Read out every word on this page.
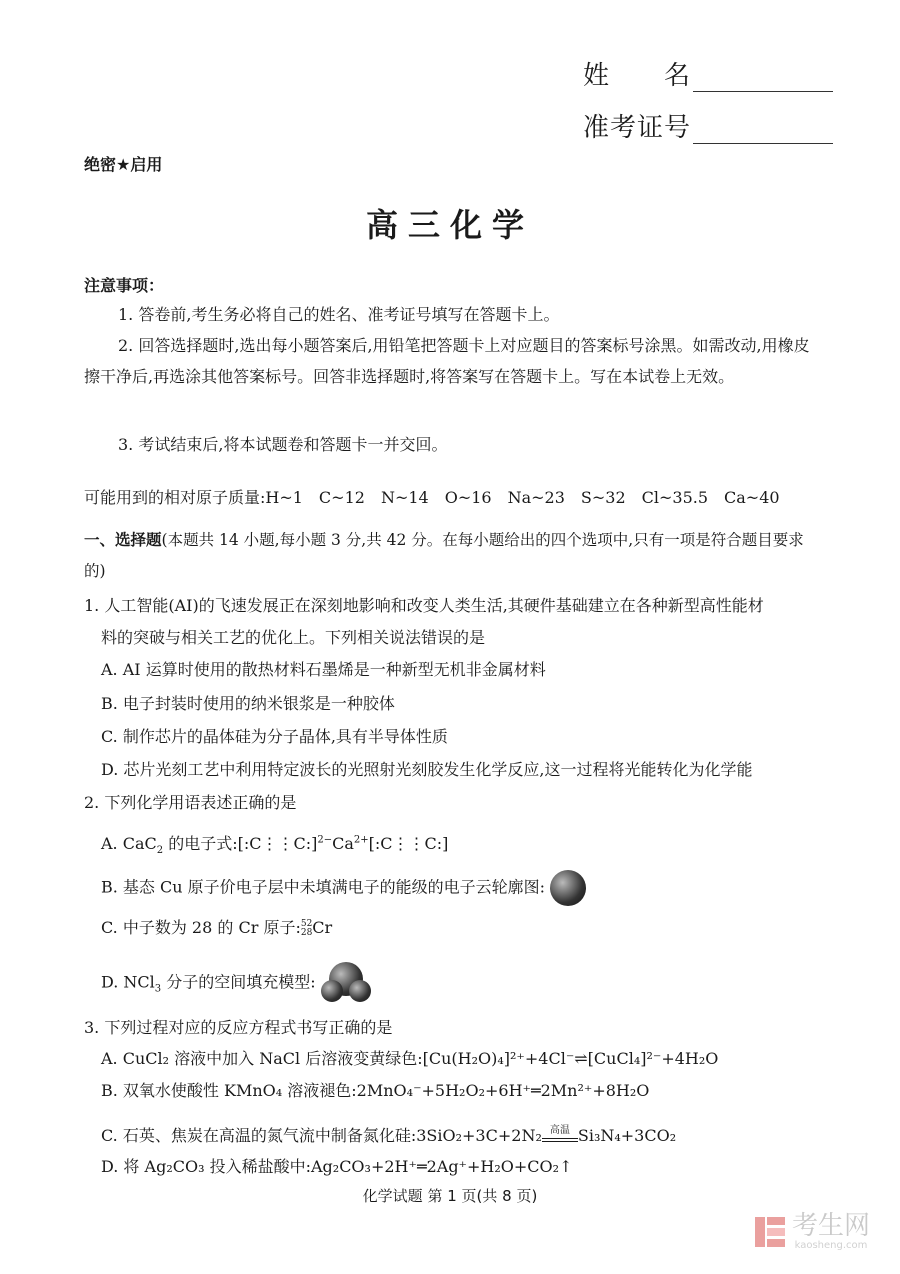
姓　　名
准考证号
绝密★启用
高三化学
注意事项：
1. 答卷前,考生务必将自己的姓名、准考证号填写在答题卡上。
2. 回答选择题时,选出每小题答案后,用铅笔把答题卡上对应题目的答案标号涂黑。如需改动,用橡皮擦干净后,再选涂其他答案标号。回答非选择题时,将答案写在答题卡上。写在本试卷上无效。
3. 考试结束后,将本试题卷和答题卡一并交回。
可能用到的相对原子质量:H~1　C~12　N~14　O~16　Na~23　S~32　Cl~35.5　Ca~40
一、选择题(本题共 14 小题,每小题 3 分,共 42 分。在每小题给出的四个选项中,只有一项是符合题目要求的)
1. 人工智能(AI)的飞速发展正在深刻地影响和改变人类生活,其硬件基础建立在各种新型高性能材
料的突破与相关工艺的优化上。下列相关说法错误的是
A. AI 运算时使用的散热材料石墨烯是一种新型无机非金属材料
B. 电子封装时使用的纳米银浆是一种胶体
C. 制作芯片的晶体硅为分子晶体,具有半导体性质
D. 芯片光刻工艺中利用特定波长的光照射光刻胶发生化学反应,这一过程将光能转化为化学能
2. 下列化学用语表述正确的是
A. CaC$_2$ 的电子式$:[:C⋮⋮C:]^{2-}Ca^{2+}[:C⋮⋮C:]$
B. 基态 Cu 原子价电子层中未填满电子的能级的电子云轮廓图:
C. 中子数为 28 的 Cr 原子: 52
28 Cr
D. NCl$_3$ 分子的空间填充模型:
3. 下列过程对应的反应方程式书写正确的是
A. CuCl₂ 溶液中加入 NaCl 后溶液变黄绿色:[Cu(H₂O)₄]²⁺+4Cl⁻⇌[CuCl₄]²⁻+4H₂O
B. 双氧水使酸性 KMnO₄ 溶液褪色:2MnO₄⁻+5H₂O₂+6H⁺═2Mn²⁺+8H₂O
C. 石英、焦炭在高温的氮气流中制备氮化硅:3SiO₂+3C+2N₂ 高温 Si₃N₄+3CO₂
D. 将 Ag₂CO₃ 投入稀盐酸中:Ag₂CO₃+2H⁺═2Ag⁺+H₂O+CO₂↑
化学试题 第 1 页(共 8 页)

考生网
kaosheng.com
